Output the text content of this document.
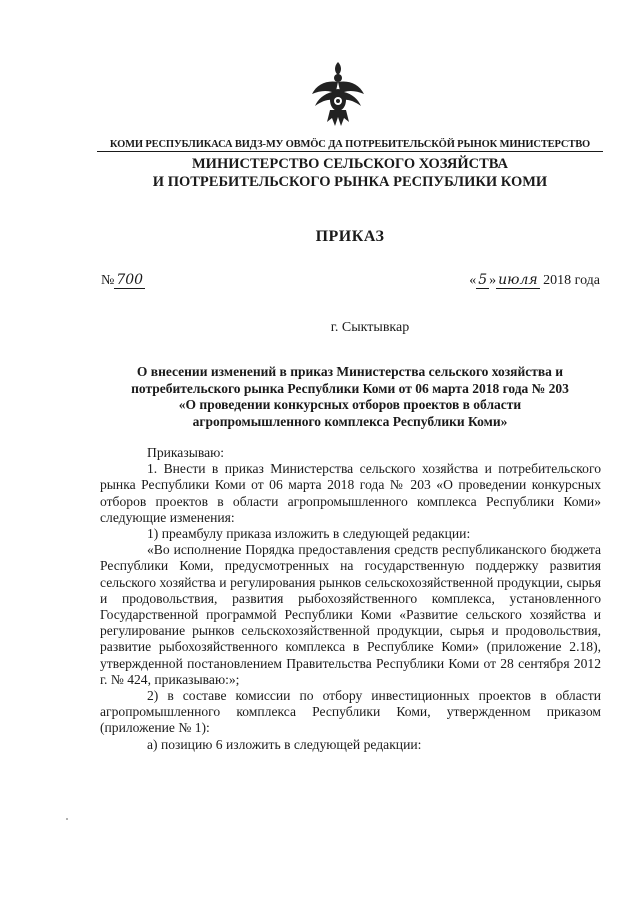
КОМИ РЕСПУБЛИКАСА ВИДЗ-МУ ОВМӦС ДА ПОТРЕБИТЕЛЬСКӦЙ РЫНОК МИНИСТЕРСТВО
МИНИСТЕРСТВО СЕЛЬСКОГО ХОЗЯЙСТВА
И ПОТРЕБИТЕЛЬСКОГО РЫНКА РЕСПУБЛИКИ КОМИ
ПРИКАЗ
№ 700	« 5 » июля 2018 года
г. Сыктывкар
О внесении изменений в приказ Министерства сельского хозяйства и
потребительского рынка Республики Коми от 06 марта 2018 года № 203
«О проведении конкурсных отборов проектов в области
агропромышленного комплекса Республики Коми»

Приказываю:

1. Внести в приказ Министерства сельского хозяйства и потребительского рынка Республики Коми от 06 марта 2018 года № 203 «О проведении конкурсных отборов проектов в области агропромышленного комплекса Республики Коми» следующие изменения:

1) преамбулу приказа изложить в следующей редакции:

«Во исполнение Порядка предоставления средств республиканского бюджета Республики Коми, предусмотренных на государственную поддержку развития сельского хозяйства и регулирования рынков сельскохозяйственной продукции, сырья и продовольствия, развития рыбохозяйственного комплекса, установленного Государственной программой Республики Коми «Развитие сельского хозяйства и регулирование рынков сельскохозяйственной продукции, сырья и продовольствия, развитие рыбохозяйственного комплекса в Республике Коми» (приложение 2.18), утвержденной постановлением Правительства Республики Коми от 28 сентября 2012 г. № 424, приказываю:»;

2) в составе комиссии по отбору инвестиционных проектов в области агропромышленного комплекса Республики Коми, утвержденном приказом (приложение № 1):

а) позицию 6 изложить в следующей редакции:
